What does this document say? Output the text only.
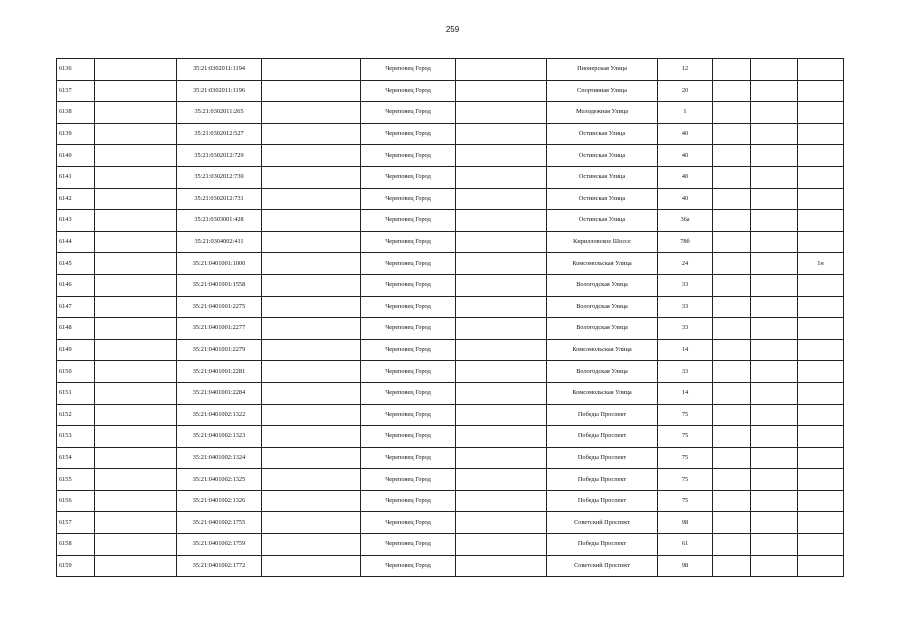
259
6136		35:21:0302011:1194		Череповец Город		Пионерская Улица	12			
6137		35:21:0302011:1196		Череповец Город		Спортивная Улица	20			
6138		35:21:0302011:265		Череповец Город		Молодежная Улица	1			
6139		35:21:0302012:527		Череповец Город		Остинская Улица	40			
6140		35:21:0302012:729		Череповец Город		Остинская Улица	40			
6141		35:21:0302012:730		Череповец Город		Остинская Улица	40			
6142		35:21:0302012:731		Череповец Город		Остинская Улица	40			
6143		35:21:0303001:428		Череповец Город		Остинская Улица	36а			
6144		35:21:0304002:411		Череповец Город		Кирилловское Шоссе	78б			
6145		35:21:0401001:1000		Череповец Город		Комсомольская Улица	24			1н
6146		35:21:0401001:1558		Череповец Город		Вологодская Улица	33			
6147		35:21:0401001:2275		Череповец Город		Вологодская Улица	33			
6148		35:21:0401001:2277		Череповец Город		Вологодская Улица	33			
6149		35:21:0401001:2279		Череповец Город		Комсомольская Улица	14			
6150		35:21:0401001:2281		Череповец Город		Вологодская Улица	33			
6151		35:21:0401001:2284		Череповец Город		Комсомольская Улица	14			
6152		35:21:0401002:1322		Череповец Город		Победы Проспект	75			
6153		35:21:0401002:1323		Череповец Город		Победы Проспект	75			
6154		35:21:0401002:1324		Череповец Город		Победы Проспект	75			
6155		35:21:0401002:1325		Череповец Город		Победы Проспект	75			
6156		35:21:0401002:1326		Череповец Город		Победы Проспект	75			
6157		35:21:0401002:1755		Череповец Город		Советский Проспект	98			
6158		35:21:0401002:1759		Череповец Город		Победы Проспект	61			
6159		35:21:0401002:1772		Череповец Город		Советский Проспект	98			
